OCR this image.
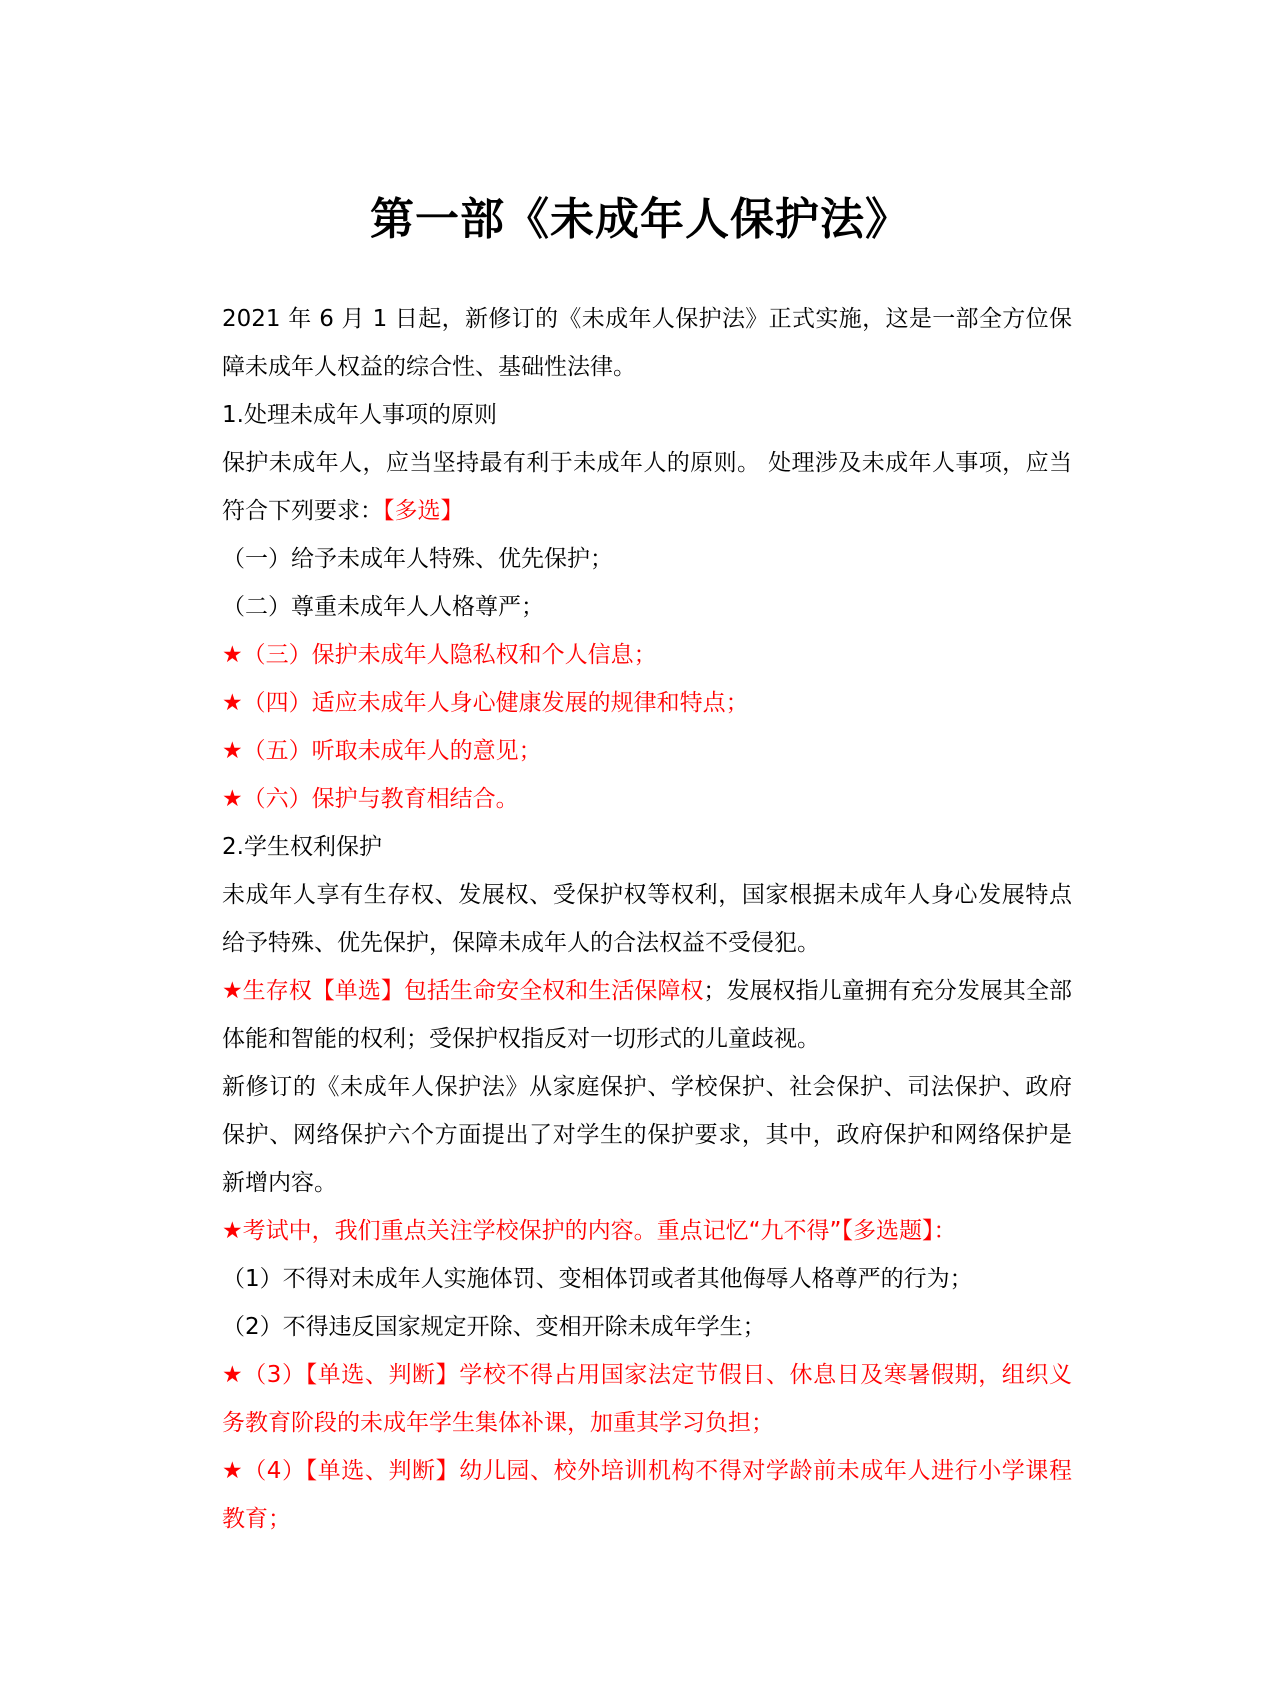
第一部《未成年人保护法》

2021 年 6 月 1 日起，新修订的《未成年人保护法》正式实施，这是一部全方位保障未成年人权益的综合性、基础性法律。

1.处理未成年人事项的原则

保护未成年人，应当坚持最有利于未成年人的原则。 处理涉及未成年人事项，应当符合下列要求：【多选】

（一）给予未成年人特殊、优先保护；

（二）尊重未成年人人格尊严；

★（三）保护未成年人隐私权和个人信息；

★（四）适应未成年人身心健康发展的规律和特点；

★（五）听取未成年人的意见；

★（六）保护与教育相结合。

2.学生权利保护

未成年人享有生存权、发展权、受保护权等权利，国家根据未成年人身心发展特点给予特殊、优先保护，保障未成年人的合法权益不受侵犯。

★生存权【单选】包括生命安全权和生活保障权；发展权指儿童拥有充分发展其全部体能和智能的权利；受保护权指反对一切形式的儿童歧视。

新修订的《未成年人保护法》从家庭保护、学校保护、社会保护、司法保护、政府保护、网络保护六个方面提出了对学生的保护要求，其中，政府保护和网络保护是新增内容。

★考试中，我们重点关注学校保护的内容。重点记忆“九不得”【多选题】：

（1）不得对未成年人实施体罚、变相体罚或者其他侮辱人格尊严的行为；

（2）不得违反国家规定开除、变相开除未成年学生；

★（3）【单选、判断】学校不得占用国家法定节假日、休息日及寒暑假期，组织义务教育阶段的未成年学生集体补课，加重其学习负担；

★（4）【单选、判断】幼儿园、校外培训机构不得对学龄前未成年人进行小学课程教育；
